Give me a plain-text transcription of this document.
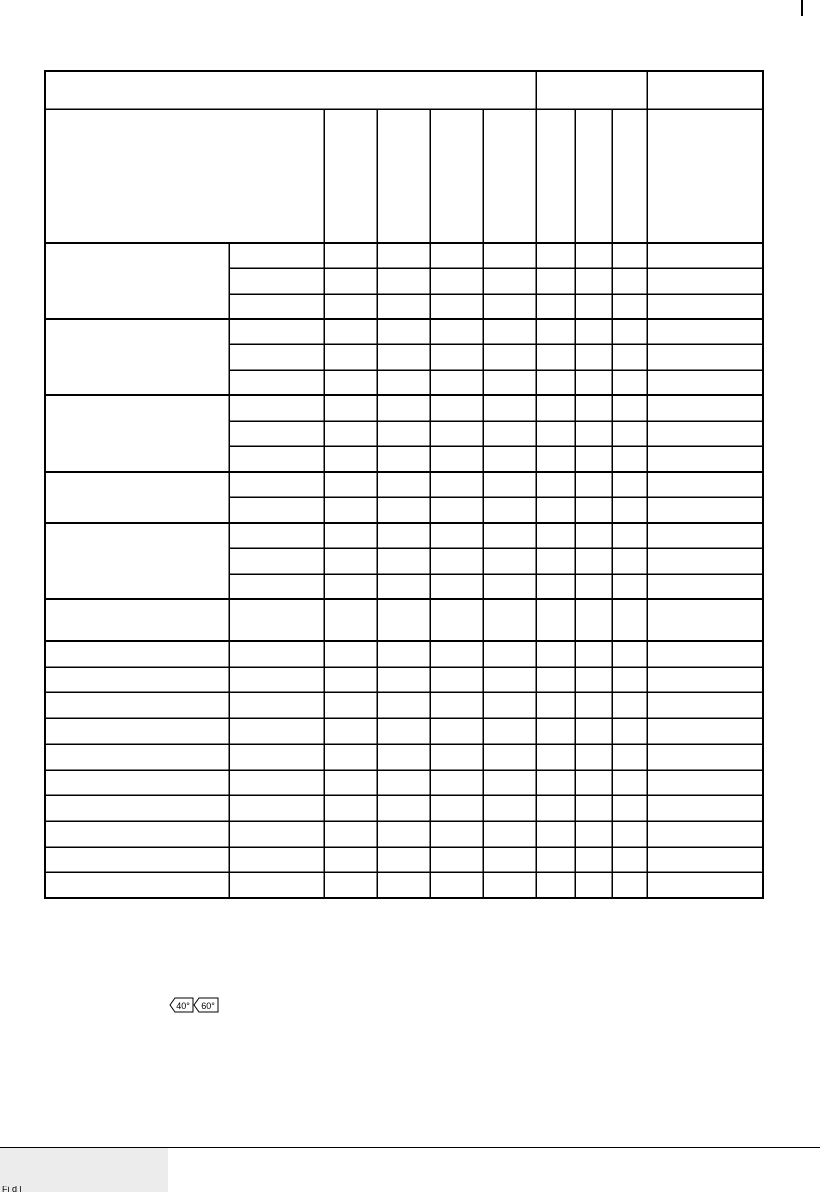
40° 60°
Fi d l
